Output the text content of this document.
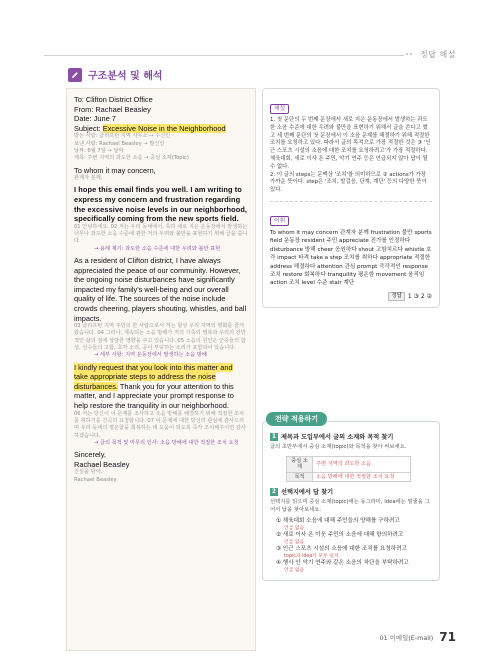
정답 해설
구조분석 및 해석
To: Clifton District Office
From: Rachael Beasley
Date: June 7
Subject: Excessive Noise in the Neighborhood
받는 사람: 클리프턴 지역 사무소 → 수신인
보낸 사람: Rachael Beasley → 발신인
날짜: 6월 7일 → 날짜
제목: 주변 지역의 과도한 소음 → 중심 소재(Topic)
To whom it may concern,
관계자 분께,
I hope this email finds you well. I am writing to express my concern and frustration regarding the excessive noise levels in our neighborhood, specifically coming from the new sports field.
01 안녕하세요. 02 저는 우리 동네에서, 특히 새로 지은 운동장에서 발생하는 너무나 과도한 소음 수준에 관한 저의 우려와 불만을 표현하기 위해 글을 씁니다.
→ 용례 제기: 과도한 소음 수준에 대한 우려와 불만 표현
As a resident of Clifton district, I have always appreciated the peace of our community. However, the ongoing noise disturbances have significantly impacted my family's well-being and our overall quality of life. The sources of the noise include crowds cheering, players shouting, whistles, and ball impacts.
03 클리프턴 지역 주민의 한 사람으로서 저는 항상 우리 지역의 평화를 즐겨왔습니다. 04 그러나, 계속되는 소음 방해가 저의 가족의 행복과 우리의 전반적인 삶의 질에 상당한 영향을 주고 있습니다. 05 소음의 원인은 군중들의 함성, 선수들의 고함, 호각 소리, 공이 부딪히는 소리가 포함되어 있습니다.
→ 세부 사항: 지역 운동장에서 발생하는 소음 방해
I kindly request that you look into this matter and take appropriate steps to address the noise disturbances. Thank you for your attention to this matter, and I appreciate your prompt response to help restore the tranquility in our neighborhood.
06 저는 당신이 이 문제를 조사하고 소음 방해를 해결하기 위해 적절한 조치를 취하기를 간곡히 요청합니다. 07 이 문제에 대한 당신의 관심에 감사드리며 우리 동네의 평온함을 회복하는 데 도움이 되도록 즉각 조치해주시면 감사하겠습니다.
→ 글의 목적 및 마무리 인사: 소음 방해에 대한 적절한 조치 요청
Sincerely,
Rachael Beasley
진심을 담아,
Rachael Beasley
해설
1. 첫 문단의 두 번째 문장에서 새로 지은 운동장에서 발생하는 과도한 소음 수준에 대한 우려와 불만을 표현하기 위해서 글을 쓴다고 했고 세 번째 문단의 첫 문장에서 이 소음 문제를 해결하기 위해 적절한 조치를 요청하고 있다. 따라서 글의 목적으로 가장 적절한 것은 ③ '인근 스포츠 시설의 소음에 대한 조치를 요청하려고'가 가장 적절하다. 체육대회, 새로 이사 온 주민, 악기 연주 등은 언급되지 않아 답이 될 수 없다.
2. 이 글의 steps는 문맥상 '조치'를 의미하므로 ② actions가 가장 가까운 뜻이다. step은 '조치, 발걸음, 단계, 계단' 등의 다양한 뜻이 있다.
어휘
To whom it may concern 관계자 분께 frustration 불만 sports field 운동장 resident 주민 appreciate 진가를 인정하다 disturbance 방해 cheer 응원하다 shout 고함치르다 whistle 호각 impact 타격 take a step 조치를 취하다 appropriate 적절한 address 해결하다 attention 관심 prompt 즉각적인 response 조치 restore 회복하다 tranquility 평온함 movement 움직임 action 조치 level 수준 stair 계단
정답	1 ③ 2 ②
전략 적용하기
1 제목과 도입부에서 글의 소재와 목적 찾기
글의 초반부에서 중심 소재(topic)와 목적을 찾아 써보세요.
중심 소재	주변 지역의 과도한 소음
목적	소음 방해에 대한 적절한 조치 요청
2 선택지에서 답 찾기
선택지를 읽으며 중심 소재(topic)에는 동그라미, idea에는 밑줄을 그어서 답을 찾아보세요.
① 체육대회 소음에 대해 주민들의 양해를 구하려고
언급 없음
② 새로 이사 온 이웃 주민의 소음에 대해 항의하려고
언급 없음
③ 인근 스포츠 시설의 소음에 대한 조치를 요청하려고
topic과 idea가 모두 일치
④ 행사 안 악기 연주와 같은 소음의 차단을 부탁하려고
언급 없음
01 이메일(E-mail) 71
